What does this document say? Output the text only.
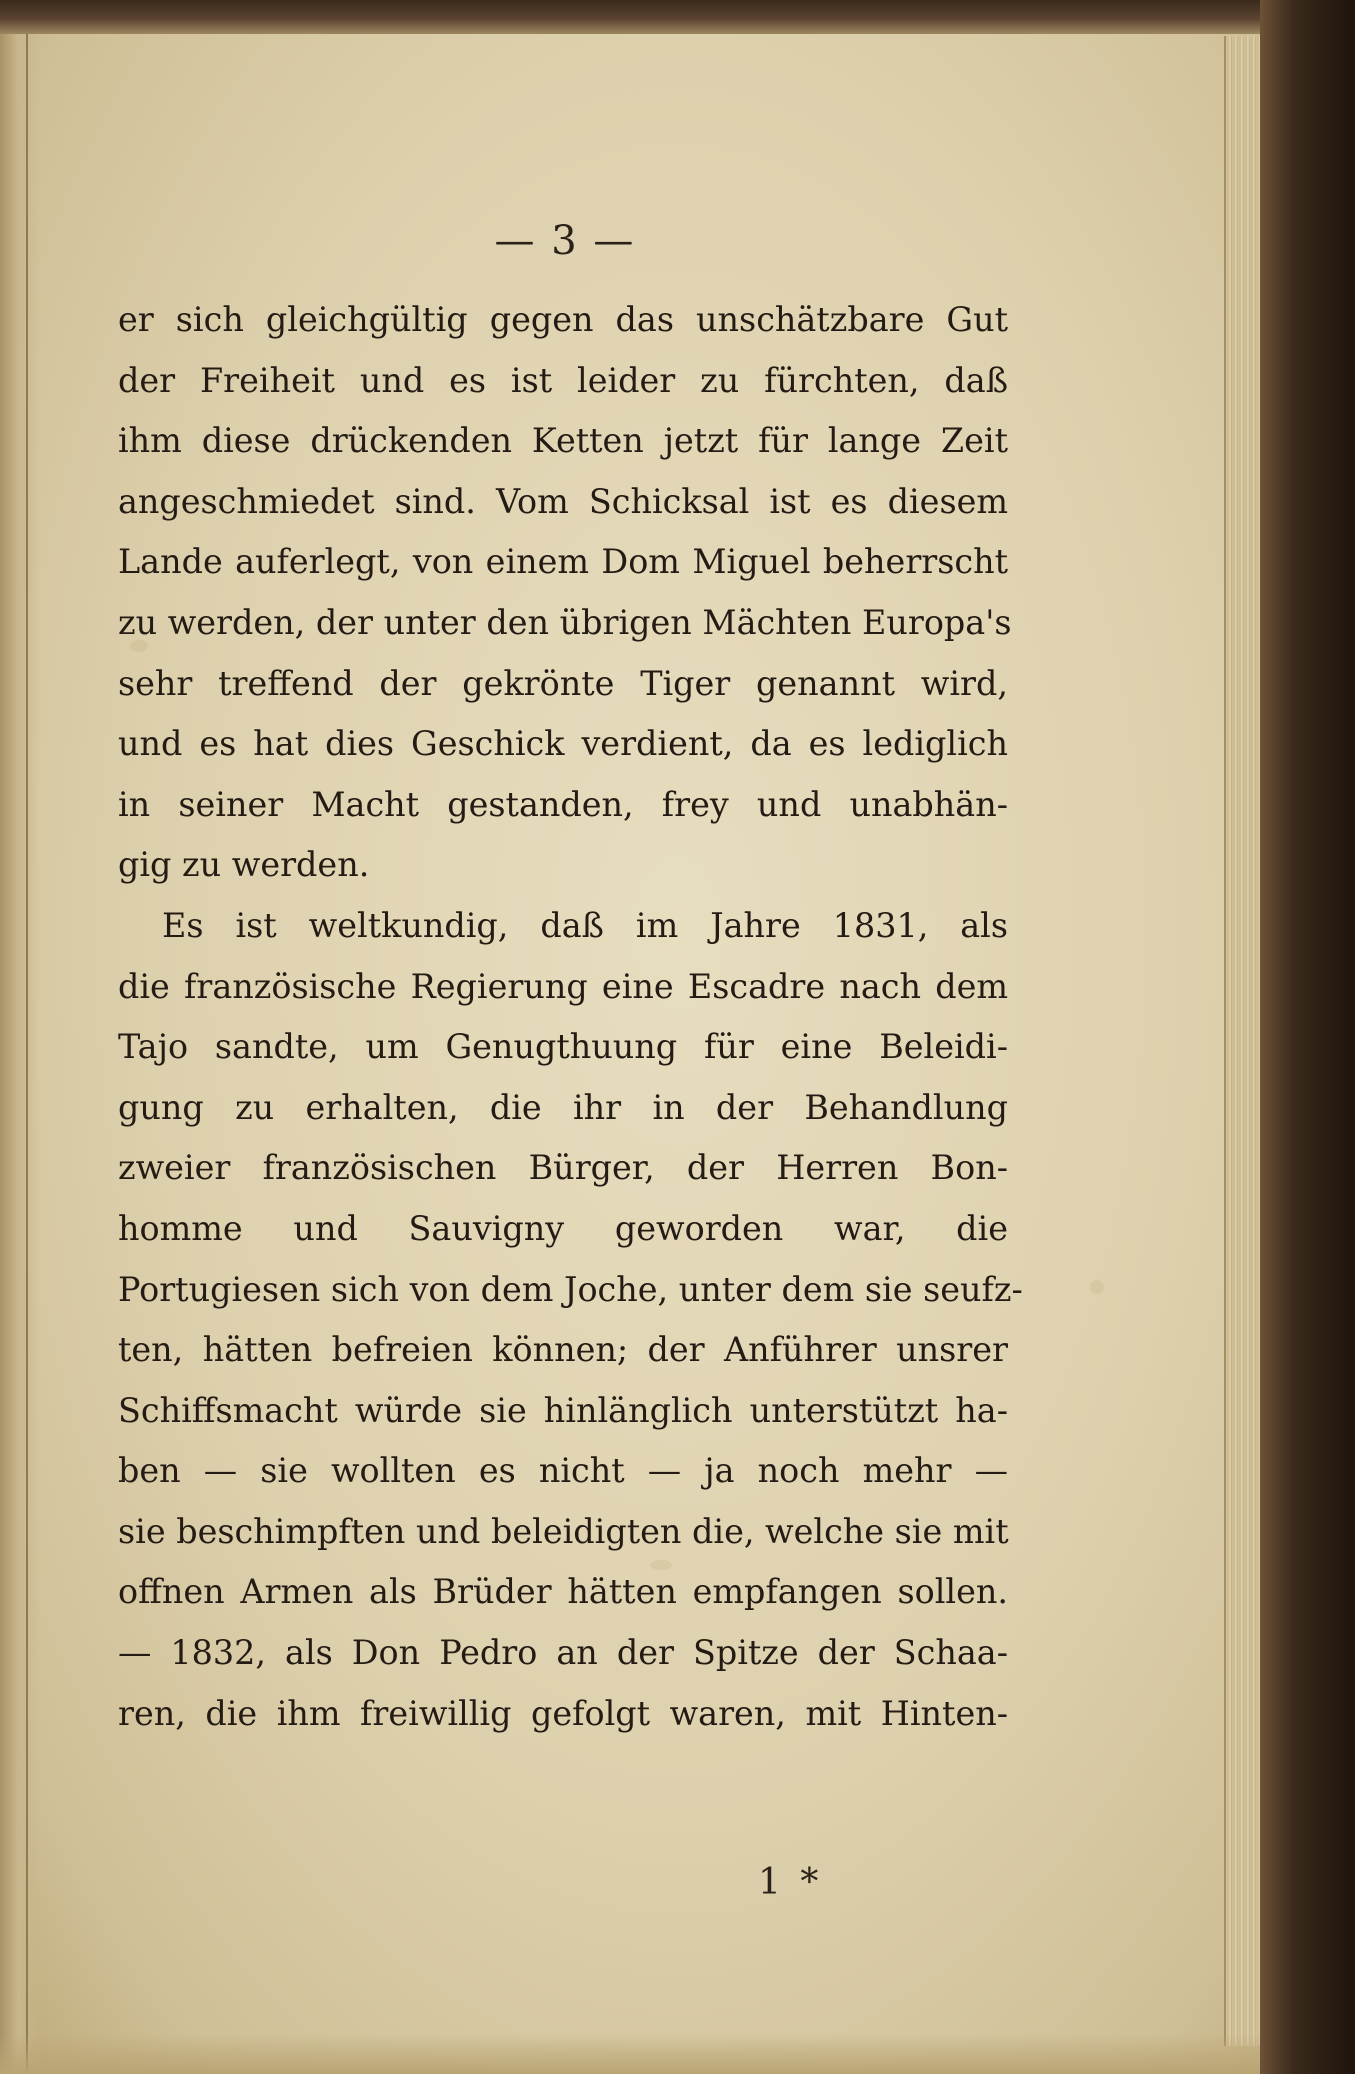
— 3 —
er sich gleichgültig gegen das unschätzbare Gut
der Freiheit und es ist leider zu fürchten, daß
ihm diese drückenden Ketten jetzt für lange Zeit
angeschmiedet sind. Vom Schicksal ist es diesem
Lande auferlegt, von einem Dom Miguel beherrscht
zu werden, der unter den übrigen Mächten Europa's
sehr treffend der gekrönte Tiger genannt wird,
und es hat dies Geschick verdient, da es lediglich
in seiner Macht gestanden, frey und unabhän-
gig zu werden.
Es ist weltkundig, daß im Jahre 1831, als
die französische Regierung eine Escadre nach dem
Tajo sandte, um Genugthuung für eine Beleidi-
gung zu erhalten, die ihr in der Behandlung
zweier französischen Bürger, der Herren Bon-
homme und Sauvigny geworden war, die
Portugiesen sich von dem Joche, unter dem sie seufz-
ten, hätten befreien können; der Anführer unsrer
Schiffsmacht würde sie hinlänglich unterstützt ha-
ben — sie wollten es nicht — ja noch mehr —
sie beschimpften und beleidigten die, welche sie mit
offnen Armen als Brüder hätten empfangen sollen.
— 1832, als Don Pedro an der Spitze der Schaa-
ren, die ihm freiwillig gefolgt waren, mit Hinten-
1 *
